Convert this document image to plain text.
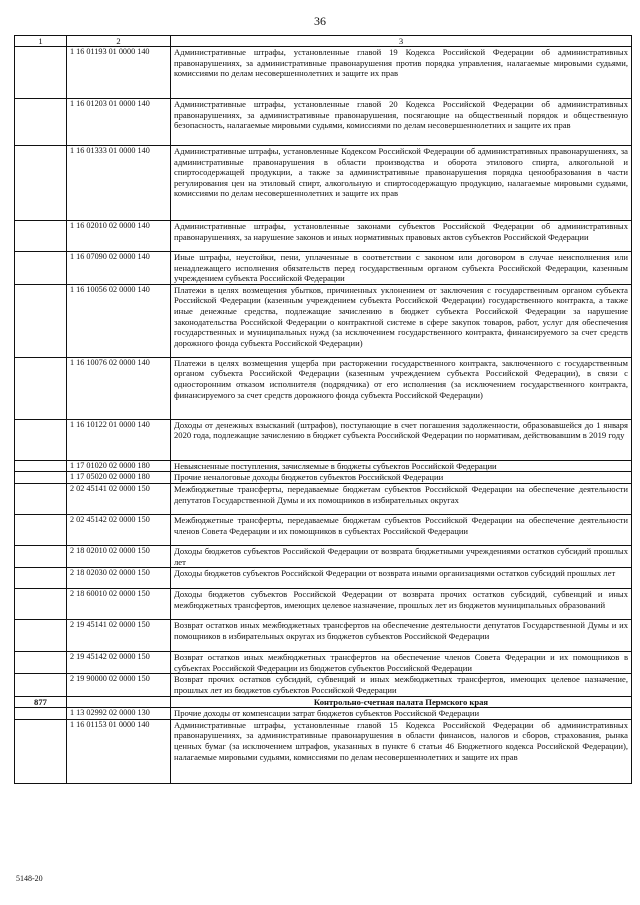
36
1	2	3
	1 16 01193 01 0000 140	Административные штрафы, установленные главой 19 Кодекса Российской Федерации об административных правонарушениях, за административные правонарушения против порядка управления, налагаемые мировыми судьями, комиссиями по делам несовершеннолетних и защите их прав
	1 16 01203 01 0000 140	Административные штрафы, установленные главой 20 Кодекса Российской Федерации об административных правонарушениях, за административные правонарушения, посягающие на общественный порядок и общественную безопасность, налагаемые мировыми судьями, комиссиями по делам несовершеннолетних и защите их прав
	1 16 01333 01 0000 140	Административные штрафы, установленные Кодексом Российской Федерации об административных правонарушениях, за административные правонарушения в области производства и оборота этилового спирта, алкогольной и спиртосодержащей продукции, а также за административные правонарушения порядка ценообразования в части регулирования цен на этиловый спирт, алкогольную и спиртосодержащую продукцию, налагаемые мировыми судьями, комиссиями по делам несовершеннолетних и защите их прав
	1 16 02010 02 0000 140	Административные штрафы, установленные законами субъектов Российской Федерации об административных правонарушениях, за нарушение законов и иных нормативных правовых актов субъектов Российской Федерации
	1 16 07090 02 0000 140	Иные штрафы, неустойки, пени, уплаченные в соответствии с законом или договором в случае неисполнения или ненадлежащего исполнения обязательств перед государственным органом субъекта Российской Федерации, казенным учреждением субъекта Российской Федерации
	1 16 10056 02 0000 140	Платежи в целях возмещения убытков, причиненных уклонением от заключения с государственным органом субъекта Российской Федерации (казенным учреждением субъекта Российской Федерации) государственного контракта, а также иные денежные средства, подлежащие зачислению в бюджет субъекта Российской Федерации за нарушение законодательства Российской Федерации о контрактной системе в сфере закупок товаров, работ, услуг для обеспечения государственных и муниципальных нужд (за исключением государственного контракта, финансируемого за счет средств дорожного фонда субъекта Российской Федерации)
	1 16 10076 02 0000 140	Платежи в целях возмещения ущерба при расторжении государственного контракта, заключенного с государственным органом субъекта Российской Федерации (казенным учреждением субъекта Российской Федерации), в связи с односторонним отказом исполнителя (подрядчика) от его исполнения (за исключением государственного контракта, финансируемого за счет средств дорожного фонда субъекта Российской Федерации)
	1 16 10122 01 0000 140	Доходы от денежных взысканий (штрафов), поступающие в счет погашения задолженности, образовавшейся до 1 января 2020 года, подлежащие зачислению в бюджет субъекта Российской Федерации по нормативам, действовавшим в 2019 году
	1 17 01020 02 0000 180	Невыясненные поступления, зачисляемые в бюджеты субъектов Российской Федерации
	1 17 05020 02 0000 180	Прочие неналоговые доходы бюджетов субъектов Российской Федерации
	2 02 45141 02 0000 150	Межбюджетные трансферты, передаваемые бюджетам субъектов Российской Федерации на обеспечение деятельности депутатов Государственной Думы и их помощников в избирательных округах
	2 02 45142 02 0000 150	Межбюджетные трансферты, передаваемые бюджетам субъектов Российской Федерации на обеспечение деятельности членов Совета Федерации и их помощников в субъектах Российской Федерации
	2 18 02010 02 0000 150	Доходы бюджетов субъектов Российской Федерации от возврата бюджетными учреждениями остатков субсидий прошлых лет
	2 18 02030 02 0000 150	Доходы бюджетов субъектов Российской Федерации от возврата иными организациями остатков субсидий прошлых лет
	2 18 60010 02 0000 150	Доходы бюджетов субъектов Российской Федерации от возврата прочих остатков субсидий, субвенций и иных межбюджетных трансфертов, имеющих целевое назначение, прошлых лет из бюджетов муниципальных образований
	2 19 45141 02 0000 150	Возврат остатков иных межбюджетных трансфертов на обеспечение деятельности депутатов Государственной Думы и их помощников в избирательных округах из бюджетов субъектов Российской Федерации
	2 19 45142 02 0000 150	Возврат остатков иных межбюджетных трансфертов на обеспечение членов Совета Федерации и их помощников в субъектах Российской Федерации из бюджетов субъектов Российской Федерации
	2 19 90000 02 0000 150	Возврат прочих остатков субсидий, субвенций и иных межбюджетных трансфертов, имеющих целевое назначение, прошлых лет из бюджетов субъектов Российской Федерации
877		Контрольно-счетная палата Пермского края
	1 13 02992 02 0000 130	Прочие доходы от компенсации затрат бюджетов субъектов Российской Федерации
	1 16 01153 01 0000 140	Административные штрафы, установленные главой 15 Кодекса Российской Федерации об административных правонарушениях, за административные правонарушения в области финансов, налогов и сборов, страхования, рынка ценных бумаг (за исключением штрафов, указанных в пункте 6 статьи 46 Бюджетного кодекса Российской Федерации), налагаемые мировыми судьями, комиссиями по делам несовершеннолетних и защите их прав
5148-20
